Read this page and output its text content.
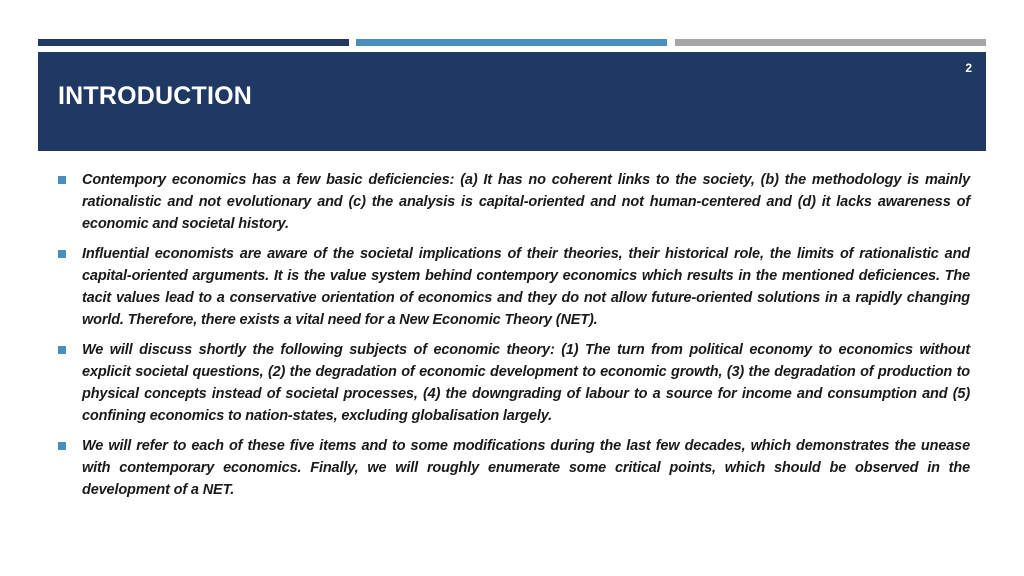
2
INTRODUCTION
Contempory economics has a few basic deficiencies: (a) It has no coherent links to the society, (b) the methodology is mainly rationalistic and not evolutionary and (c) the analysis is capital-oriented and not human-centered and (d) it lacks awareness of economic and societal history.
Influential economists are aware of the societal implications of their theories, their historical role, the limits of rationalistic and capital-oriented arguments. It is the value system behind contempory economics which results in the mentioned deficiences. The tacit values lead to a conservative orientation of economics and they do not allow future-oriented solutions in a rapidly changing world. Therefore, there exists a vital need for a New Economic Theory (NET).
We will discuss shortly the following subjects of economic theory: (1) The turn from political economy to economics without explicit societal questions, (2) the degradation of economic development to economic growth, (3) the degradation of production to physical concepts instead of societal processes, (4) the downgrading of labour to a source for income and consumption and (5) confining economics to nation-states, excluding globalisation largely.
We will refer to each of these five items and to some modifications during the last few decades, which demonstrates the unease with contemporary economics. Finally, we will roughly enumerate some critical points, which should be observed in the development of a NET.
